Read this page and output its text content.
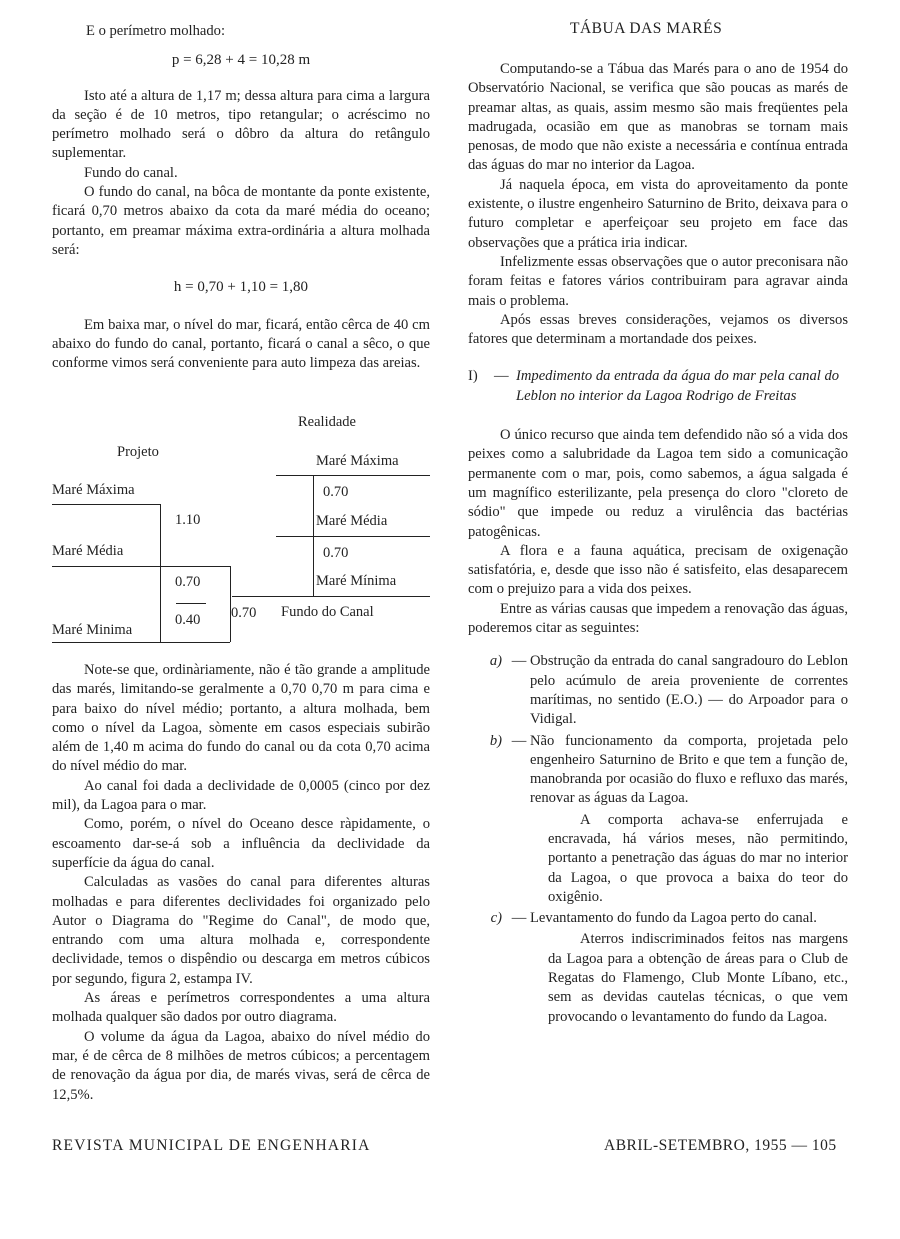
TÁBUA DAS MARÉS

E o perímetro molhado:

p = 6,28 + 4 = 10,28 m

Isto até a altura de 1,17 m; dessa altura para cima a largura da seção é de 10 metros, tipo retangular; o acréscimo no perímetro molhado será o dôbro da altura do retângulo suplementar.

Fundo do canal.

O fundo do canal, na bôca de montante da ponte existente, ficará 0,70 metros abaixo da cota da maré média do oceano; portanto, em preamar máxima extra-ordinária a altura molhada será:

h = 0,70 + 1,10 = 1,80

Em baixa mar, o nível do mar, ficará, então cêrca de 40 cm abaixo do fundo do canal, portanto, ficará o canal a sêco, o que conforme vimos será conveniente para auto limpeza das areias.

Realidade
Projeto
Maré Máxima
Maré Máxima	0.70
1.10	Maré Média
Maré Média	0.70
0.70	Maré Mínima
0.70 Fundo do Canal
0.40
Maré Minima

Note-se que, ordinàriamente, não é tão grande a amplitude das marés, limitando-se geralmente a 0,70 0,70 m para cima e para baixo do nível médio; portanto, a altura molhada, bem como o nível da Lagoa, sòmente em casos especiais subirão além de 1,40 m acima do fundo do canal ou da cota 0,70 acima do nível médio do mar.

Ao canal foi dada a declividade de 0,0005 (cinco por dez mil), da Lagoa para o mar.

Como, porém, o nível do Oceano desce ràpidamente, o escoamento dar-se-á sob a influência da declividade da superfície da água do canal.

Calculadas as vasões do canal para diferentes alturas molhadas e para diferentes declividades foi organizado pelo Autor o Diagrama do "Regime do Canal", de modo que, entrando com uma altura molhada e, correspondente declividade, temos o dispêndio ou descarga em metros cúbicos por segundo, figura 2, estampa IV.

As áreas e perímetros correspondentes a uma altura molhada qualquer são dados por outro diagrama.

O volume da água da Lagoa, abaixo do nível médio do mar, é de cêrca de 8 milhões de metros cúbicos; a percentagem de renovação da água por dia, de marés vivas, será de cêrca de 12,5%.

Computando-se a Tábua das Marés para o ano de 1954 do Observatório Nacional, se verifica que são poucas as marés de preamar altas, as quais, assim mesmo são mais freqüentes pela madrugada, ocasião em que as manobras se tornam mais penosas, de modo que não existe a necessária e contínua entrada das águas do mar no interior da Lagoa.

Já naquela época, em vista do aproveitamento da ponte existente, o ilustre engenheiro Saturnino de Brito, deixava para o futuro completar e aperfeiçoar seu projeto em face das observações que a prática iria indicar.

Infelizmente essas observações que o autor preconisara não foram feitas e fatores vários contribuiram para agravar ainda mais o problema.

Após essas breves considerações, vejamos os diversos fatores que determinam a mortandade dos peixes.

I)	— Impedimento da entrada da água do mar pela canal do Leblon no interior da Lagoa Rodrigo de Freitas

O único recurso que ainda tem defendido não só a vida dos peixes como a salubridade da Lagoa tem sido a comunicação permanente com o mar, pois, como sabemos, a água salgada é um magnífico esterilizante, pela presença do cloro "cloreto de sódio" que impede ou reduz a virulência das bactérias patogênicas.

A flora e a fauna aquática, precisam de oxigenação satisfatória, e, desde que isso não é satisfeito, elas desaparecem com o prejuizo para a vida dos peixes.

Entre as várias causas que impedem a renovação das águas, poderemos citar as seguintes:

a) — Obstrução da entrada do canal sangradouro do Leblon pelo acúmulo de areia proveniente de correntes marítimas, no sentido (E.O.) — do Arpoador para o Vidigal.
b) — Não funcionamento da comporta, projetada pelo engenheiro Saturnino de Brito e que tem a função de, manobranda por ocasião do fluxo e refluxo das marés, renovar as águas da Lagoa.

A comporta achava-se enferrujada e encravada, há vários meses, não permitindo, portanto a penetração das águas do mar no interior da Lagoa, o que provoca a baixa do teor do oxigênio.

c) — Levantamento do fundo da Lagoa perto do canal.

Aterros indiscriminados feitos nas margens da Lagoa para a obtenção de áreas para o Club de Regatas do Flamengo, Club Monte Líbano, etc., sem as devidas cautelas técnicas, o que vem provocando o levantamento do fundo da Lagoa.

REVISTA MUNICIPAL DE ENGENHARIA	ABRIL-SETEMBRO, 1955 — 105
